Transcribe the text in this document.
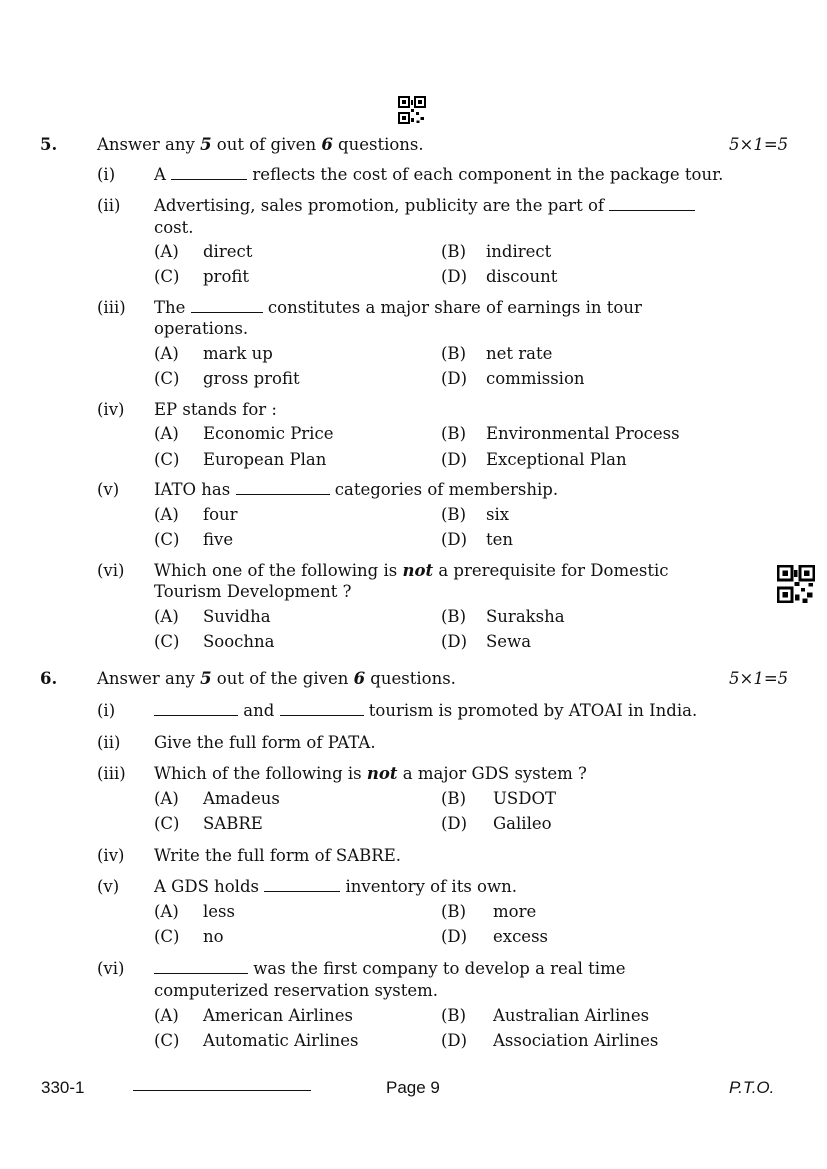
5. Answer any 5 out of given 6 questions.	5×1=5
(i) A	reflects the cost of each component in the package tour.
(ii) Advertising, sales promotion, publicity are the part of
cost.
(A) direct	(B) indirect
(C) profit	(D) discount
(iii) The	constitutes a major share of earnings in tour
operations.
(A) mark up	(B) net rate
(C) gross profit	(D) commission
(iv) EP stands for :
(A) Economic Price	(B) Environmental Process
(C) European Plan	(D) Exceptional Plan
(v) IATO has	categories of membership.
(A) four	(B) six
(C) five	(D) ten
(vi) Which one of the following is not a prerequisite for Domestic
Tourism Development ?
(A) Suvidha	(B) Suraksha
(C) Soochna	(D) Sewa
6. Answer any 5 out of the given 6 questions.	5×1=5
(i)	and	tourism is promoted by ATOAI in India.
(ii) Give the full form of PATA.
(iii) Which of the following is not a major GDS system ?
(A) Amadeus	(B) USDOT
(C) SABRE	(D) Galileo
(iv) Write the full form of SABRE.
(v) A GDS holds	inventory of its own.
(A) less	(B) more
(C) no	(D) excess
(vi)	was the first company to develop a real time
computerized reservation system.
(A) American Airlines	(B) Australian Airlines
(C) Automatic Airlines	(D) Association Airlines
330-1	Page 9	P.T.O.
